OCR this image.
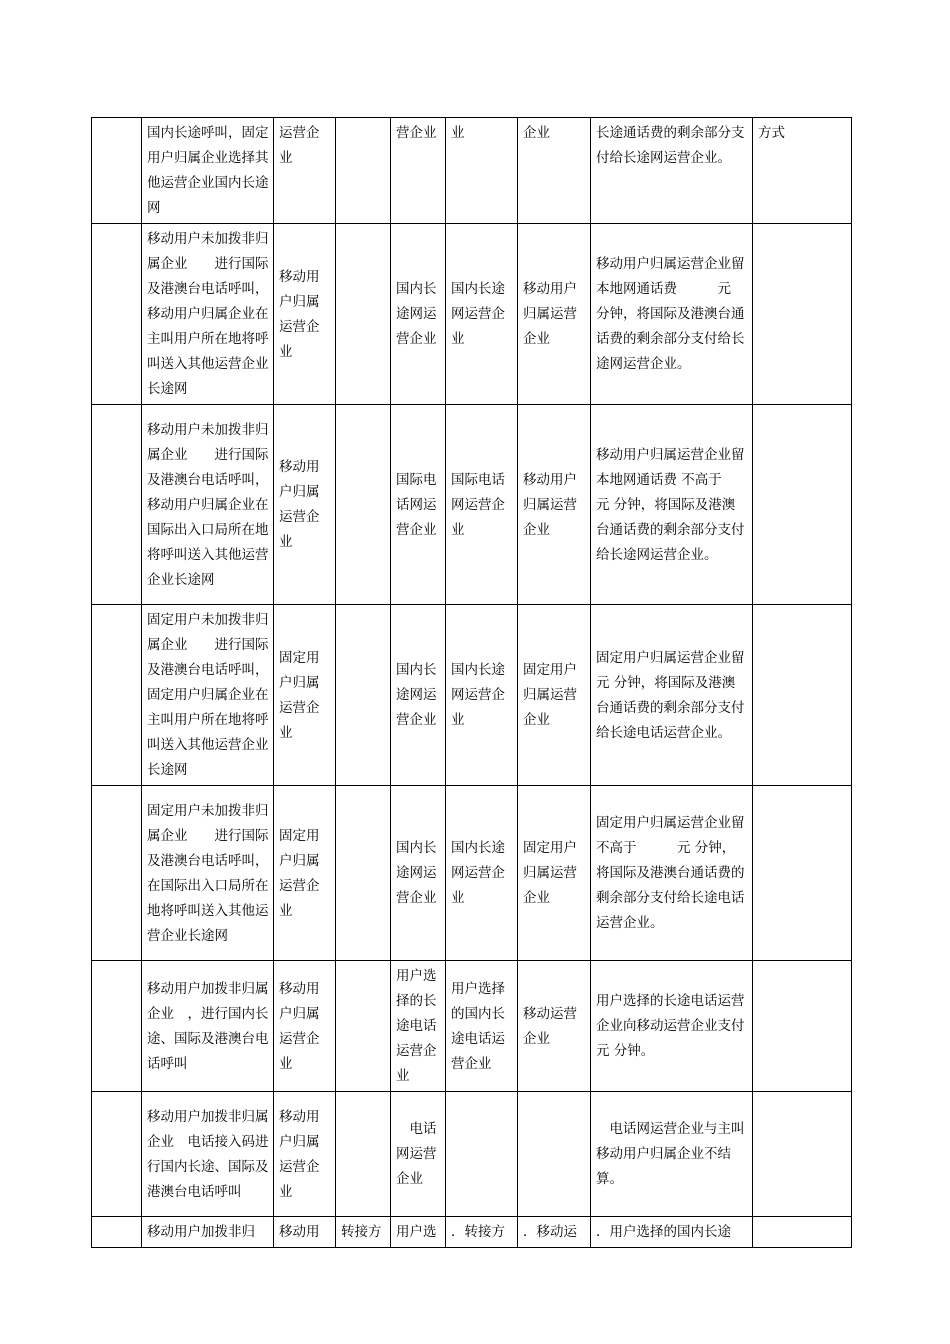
	国内长途呼叫，固定用户归属企业选择其他运营企业国内长途网	运营企业		营企业	业	企业	长途通话费的剩余部分支付给长途网运营企业。	方式
	移动用户未加拨非归属企业　　进行国际及港澳台电话呼叫，移动用户归属企业在主叫用户所在地将呼叫送入其他运营企业长途网	移动用户归属运营企业		国内长途网运营企业	国内长途网运营企业	移动用户归属运营企业	移动用户归属运营企业留本地网通话费　　　元　分钟，将国际及港澳台通话费的剩余部分支付给长途网运营企业。	
	移动用户未加拨非归属企业　　进行国际及港澳台电话呼叫，移动用户归属企业在国际出入口局所在地将呼叫送入其他运营企业长途网	移动用户归属运营企业		国际电话网运营企业	国际电话网运营企业	移动用户归属运营企业	移动用户归属运营企业留本地网通话费 不高于　　元 分钟，将国际及港澳台通话费的剩余部分支付给长途网运营企业。	
	固定用户未加拨非归属企业　　进行国际及港澳台电话呼叫，固定用户归属企业在主叫用户所在地将呼叫送入其他运营企业长途网	固定用户归属运营企业		国内长途网运营企业	国内长途网运营企业	固定用户归属运营企业	固定用户归属运营企业留　　　元 分钟，将国际及港澳台通话费的剩余部分支付给长途电话运营企业。	
	固定用户未加拨非归属企业　　进行国际及港澳台电话呼叫，在国际出入口局所在地将呼叫送入其他运营企业长途网	固定用户归属运营企业		国内长途网运营企业	国内长途网运营企业	固定用户归属运营企业	固定用户归属运营企业留不高于　　　元 分钟，将国际及港澳台通话费的剩余部分支付给长途电话运营企业。	
	移动用户加拨非归属企业　，进行国内长途、国际及港澳台电话呼叫	移动用户归属运营企业		用户选择的长途电话运营企业	用户选择的国内长途电话运营企业	移动运营企业	用户选择的长途电话运营企业向移动运营企业支付　　　元 分钟。	
	移动用户加拨非归属企业　电话接入码进行国内长途、国际及港澳台电话呼叫	移动用户归属运营企业		　电话网运营企业			　电话网运营企业与主叫移动用户归属企业不结算。	
	移动用户加拨非归	移动用	转接方	用户选	．转接方	．移动运	．用户选择的国内长途	
